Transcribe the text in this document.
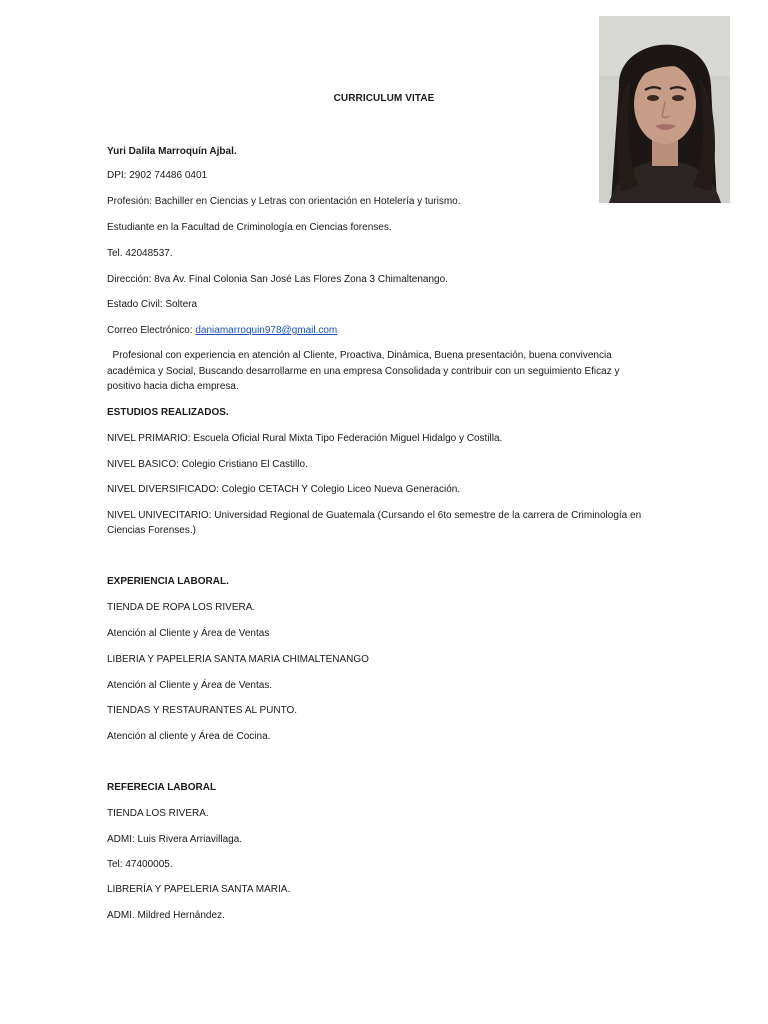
CURRICULUM VITAE
Yuri Dalila Marroquín Ajbal.
DPI: 2902 74486 0401
Profesión: Bachiller en Ciencias y Letras con orientación en Hotelería y turismo.
Estudiante en la Facultad de Criminología en Ciencias forenses.
Tel. 42048537.
Dirección: 8va Av. Final Colonia San José Las Flores Zona 3 Chimaltenango.
Estado Civil: Soltera
Correo Electrónico: daniamarroquin978@gmail.com
Profesional con experiencia en atención al Cliente, Proactiva, Dinámica, Buena presentación, buena convivencia
académica y Social, Buscando desarrollarme en una empresa Consolidada y contribuir con un seguimiento Eficaz y
positivo hacia dicha empresa.
ESTUDIOS REALIZADOS.
NIVEL PRIMARIO: Escuela Oficial Rural Mixta Tipo Federación Miguel Hidalgo y Costilla.
NIVEL BASICO: Colegio Cristiano El Castillo.
NIVEL DIVERSIFICADO: Colegio CETACH Y Colegio Liceo Nueva Generación.
NIVEL UNIVECITARIO: Universidad Regional de Guatemala (Cursando el 6to semestre de la carrera de Criminología en
Ciencias Forenses.)
EXPERIENCIA LABORAL.
TIENDA DE ROPA LOS RIVERA.
Atención al Cliente y Área de Ventas
LIBERIA Y PAPELERIA SANTA MARIA CHIMALTENANGO
Atención al Cliente y Área de Ventas.
TIENDAS Y RESTAURANTES AL PUNTO.
Atención al cliente y Área de Cocina.
REFERECIA LABORAL
TIENDA LOS RIVERA.
ADMI: Luis Rivera Arriavillaga.
Tel: 47400005.
LIBRERÍA Y PAPELERIA SANTA MARIA.
ADMI. Mildred Hernández.
